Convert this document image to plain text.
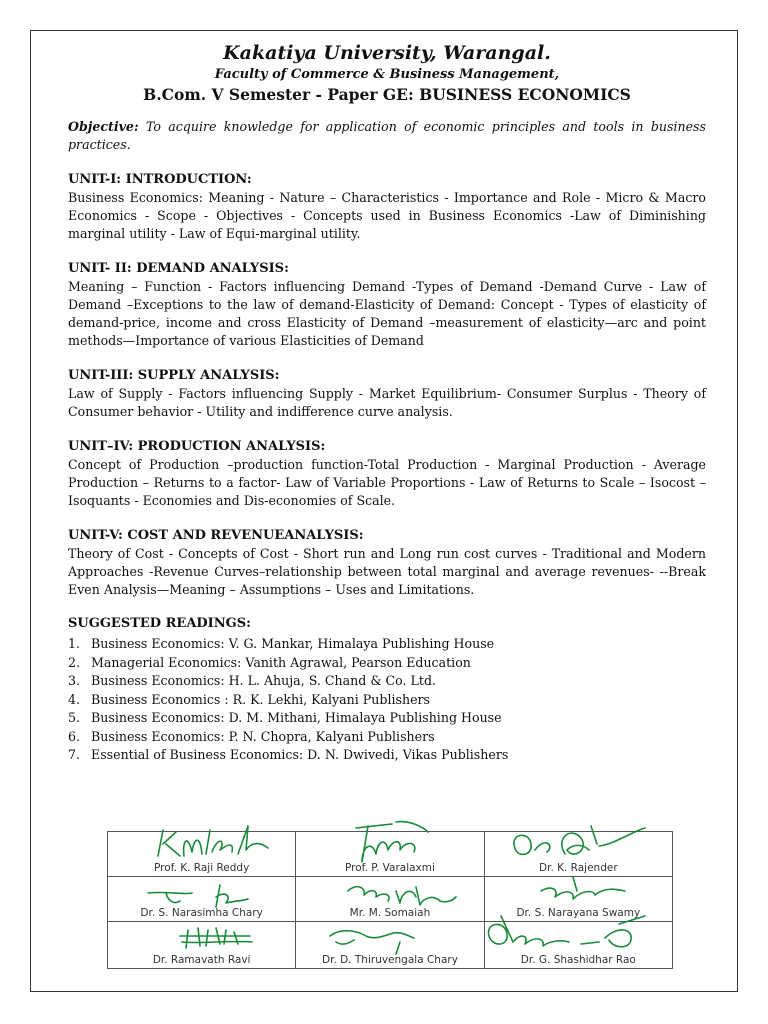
Kakatiya University, Warangal.

Faculty of Commerce & Business Management,

B.Com. V Semester - Paper GE: BUSINESS ECONOMICS

Objective: To acquire knowledge for application of economic principles and tools in business practices.

UNIT-I: INTRODUCTION:

Business Economics: Meaning - Nature – Characteristics - Importance and Role - Micro & Macro Economics - Scope - Objectives - Concepts used in Business Economics -Law of Diminishing marginal utility - Law of Equi-marginal utility.

UNIT- II: DEMAND ANALYSIS:

Meaning – Function - Factors influencing Demand -Types of Demand -Demand Curve - Law of Demand –Exceptions to the law of demand-Elasticity of Demand: Concept - Types of elasticity of demand-price, income and cross Elasticity of Demand –measurement of elasticity—arc and point methods—Importance of various Elasticities of Demand

UNIT-III: SUPPLY ANALYSIS:

Law of Supply - Factors influencing Supply - Market Equilibrium- Consumer Surplus - Theory of Consumer behavior - Utility and indifference curve analysis.

UNIT–IV: PRODUCTION ANALYSIS:

Concept of Production –production function-Total Production - Marginal Production - Average Production – Returns to a factor- Law of Variable Proportions - Law of Returns to Scale – Isocost – Isoquants - Economies and Dis-economies of Scale.

UNIT-V: COST AND REVENUEANALYSIS:

Theory of Cost - Concepts of Cost - Short run and Long run cost curves - Traditional and Modern Approaches -Revenue Curves–relationship between total marginal and average revenues- --Break Even Analysis—Meaning – Assumptions – Uses and Limitations.

SUGGESTED READINGS:

1. Business Economics: V. G. Mankar, Himalaya Publishing House
2. Managerial Economics: Vanith Agrawal, Pearson Education
3. Business Economics: H. L. Ahuja, S. Chand & Co. Ltd.
4. Business Economics : R. K. Lekhi, Kalyani Publishers
5. Business Economics: D. M. Mithani, Himalaya Publishing House
6. Business Economics: P. N. Chopra, Kalyani Publishers
7. Essential of Business Economics: D. N. Dwivedi, Vikas Publishers
Prof. K. Raji Reddy	Prof. P. Varalaxmi	Dr. K. Rajender

Dr. S. Narasimha Chary	Mr. M. Somaiah	Dr. S. Narayana Swamy

Dr. Ramavath Ravi	Dr. D. Thiruvengala Chary	Dr. G. Shashidhar Rao
